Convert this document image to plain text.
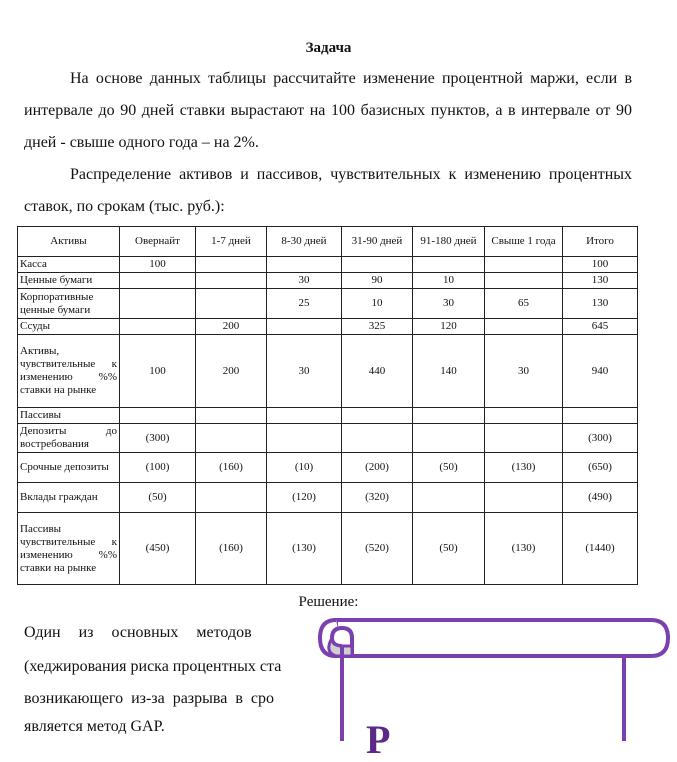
Задача
На основе данных таблицы рассчитайте изменение процентной маржи, если в интервале до 90 дней ставки вырастают на 100 базисных пунктов, а в интервале от 90 дней - свыше одного года – на 2%.
Распределение активов и пассивов, чувствительных к изменению процентных ставок, по срокам (тыс. руб.):
Активы	Овернайт	1-7 дней	8-30 дней	31-90 дней	91-180 дней	Свыше 1 года	Итого
Касса	100						100
Ценные бумаги			30	90	10		130
Корпоративные ценные бумаги			25	10	30	65	130
Ссуды		200		325	120		645
Активы, чувствительные к изменению %% ставки на рынке	100	200	30	440	140	30	940
Пассивы							
Депозиты до востребования	(300)						(300)
Срочные депозиты	(100)	(160)	(10)	(200)	(50)	(130)	(650)
Вклады граждан	(50)		(120)	(320)			(490)
Пассивы чувствительные к изменению %% ставки на рынке	(450)	(160)	(130)	(520)	(50)	(130)	(1440)
Решение:
Один из основных методов
(хеджирования риска процентных ста
возникающего из-за разрыва в сро
является метод GAP.	Р
